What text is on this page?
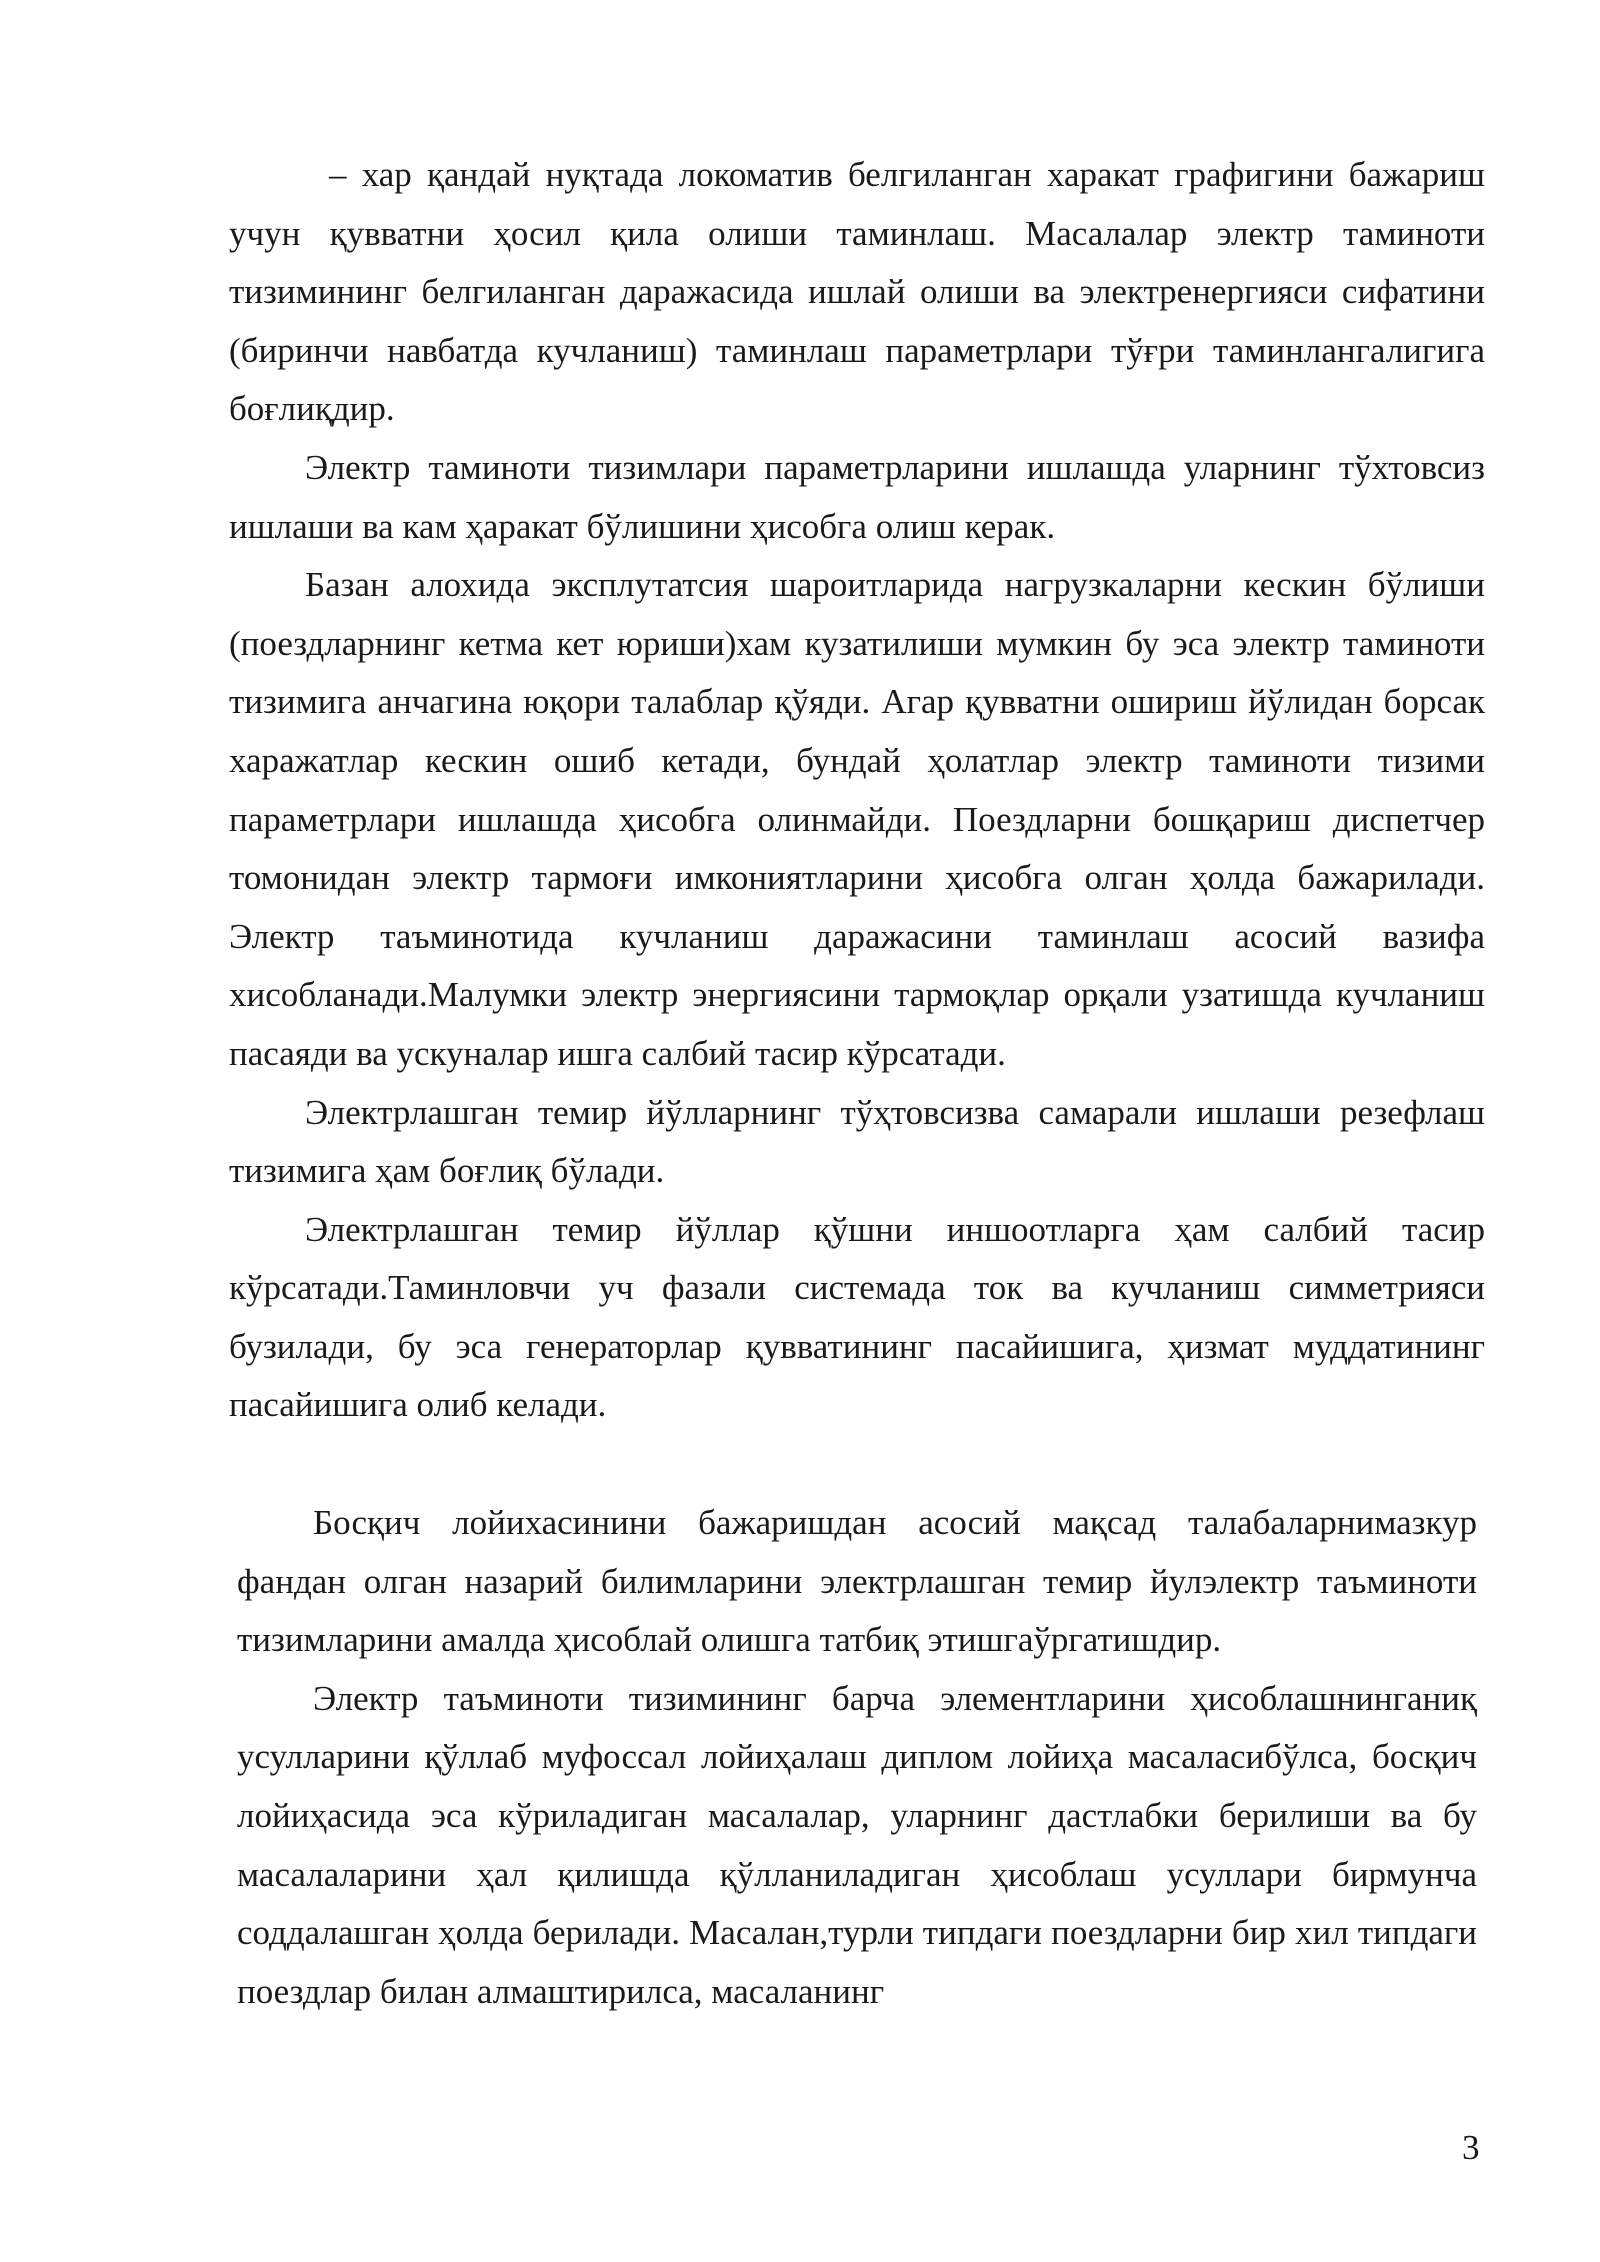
– хар қандай нуқтада локоматив белгиланган харакат графигини бажариш учун қувватни ҳосил қила олиши таминлаш. Масалалар электр таминоти тизимининг белгиланган даражасида ишлай олиши ва электренергияси сифатини (биринчи навбатда кучланиш) таминлаш параметрлари тўғри таминлангалигига боғлиқдир.

Электр таминоти тизимлари параметрларини ишлашда уларнинг тўхтовсиз ишлаши ва кам ҳаракат бўлишини ҳисобга олиш керак.

Базан алохида эксплутатсия шароитларида нагрузкаларни кескин бўлиши (поездларнинг кетма кет юриши)хам кузатилиши мумкин бу эса электр таминоти тизимига анчагина юқори талаблар қўяди. Агар қувватни ошириш йўлидан борсак харажатлар кескин ошиб кетади, бундай ҳолатлар электр таминоти тизими параметрлари ишлашда ҳисобга олинмайди. Поездларни бошқариш диспетчер томонидан электр тармоғи имкониятларини ҳисобга олган ҳолда бажарилади. Электр таъминотида кучланиш даражасини таминлаш асосий вазифа хисобланади.Малумки электр энергиясини тармоқлар орқали узатишда кучланиш пасаяди ва ускуналар ишга салбий тасир кўрсатади.

Электрлашган темир йўлларнинг тўҳтовсизва самарали ишлаши резефлаш тизимига ҳам боғлиқ бўлади.

Электрлашган темир йўллар қўшни иншоотларга ҳам салбий тасир кўрсатади.Таминловчи уч фазали системада ток ва кучланиш симметрияси бузилади, бу эса генераторлар қувватининг пасайишига, ҳизмат муддатининг пасайишига олиб келади.

Босқич лойихасинини бажаришдан асосий мақсад талабаларнимазкур фандан олган назарий билимларини электрлашган темир йулэлектр таъминоти тизимларини амалда ҳисоблай олишга татбиқ этишгаўргатишдир.

Электр таъминоти тизимининг барча элементларини ҳисоблашнинганиқ усулларини қўллаб муфоссал лойиҳалаш диплом лойиҳа масаласибўлса, босқич лойиҳасида эса кўриладиган масалалар, уларнинг дастлабки берилиши ва бу масалаларини ҳал қилишда қўлланиладиган ҳисоблаш усуллари бирмунча соддалашган ҳолда берилади. Масалан,турли типдаги поездларни бир хил типдаги поездлар билан алмаштирилса, масаланинг

3
